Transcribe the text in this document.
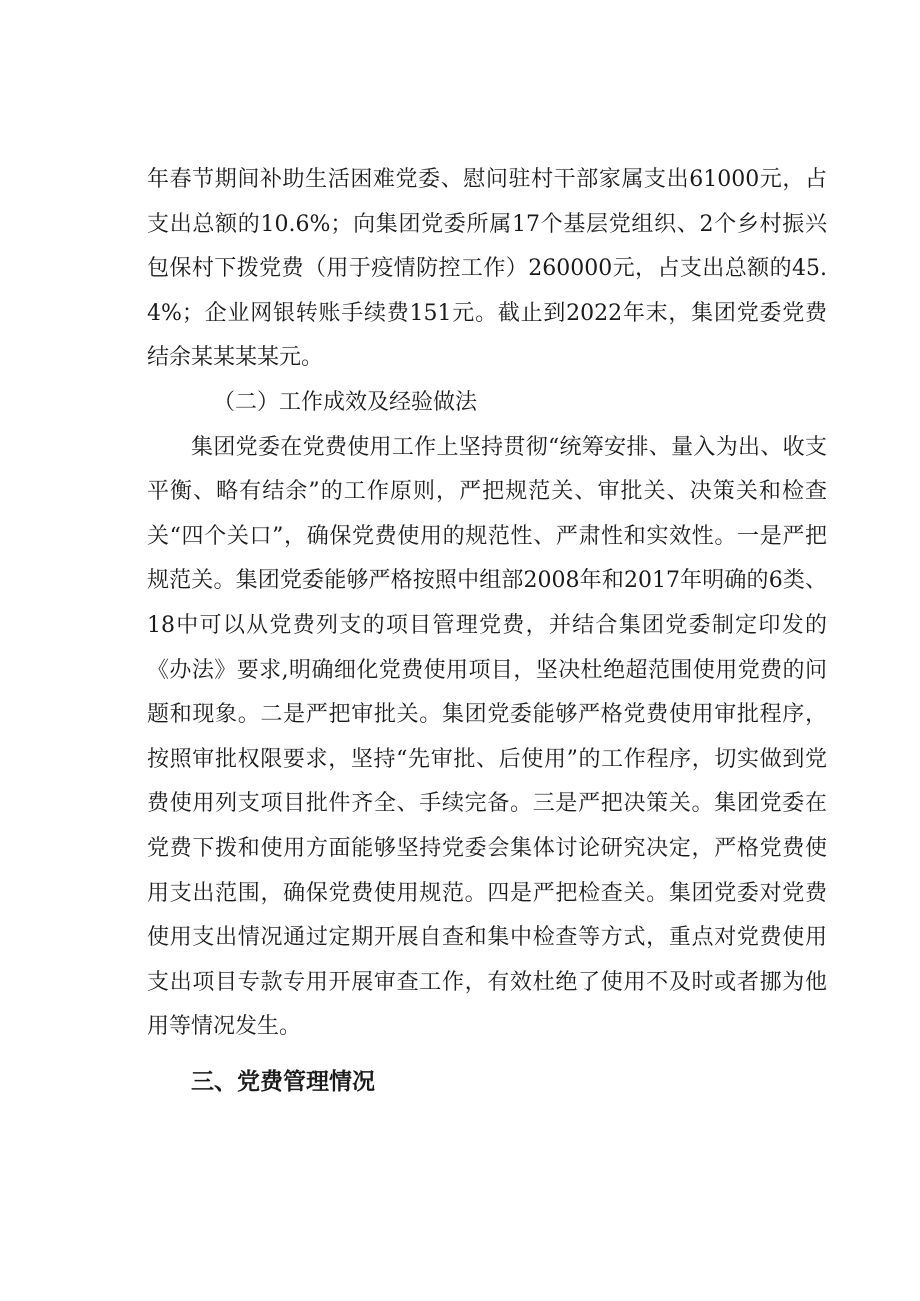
年春节期间补助生活困难党委、慰问驻村干部家属支出61000元，占支出总额的10.6%；向集团党委所属17个基层党组织、2个乡村振兴包保村下拨党费（用于疫情防控工作）260000元，占支出总额的45.4%；企业网银转账手续费151元。截止到2022年末，集团党委党费结余某某某某元。

（二）工作成效及经验做法

集团党委在党费使用工作上坚持贯彻“统筹安排、量入为出、收支平衡、略有结余”的工作原则，严把规范关、审批关、决策关和检查关“四个关口”，确保党费使用的规范性、严肃性和实效性。一是严把规范关。集团党委能够严格按照中组部2008年和2017年明确的6类、18中可以从党费列支的项目管理党费，并结合集团党委制定印发的《办法》要求,明确细化党费使用项目，坚决杜绝超范围使用党费的问题和现象。二是严把审批关。集团党委能够严格党费使用审批程序，按照审批权限要求，坚持“先审批、后使用”的工作程序，切实做到党费使用列支项目批件齐全、手续完备。三是严把决策关。集团党委在党费下拨和使用方面能够坚持党委会集体讨论研究决定，严格党费使用支出范围，确保党费使用规范。四是严把检查关。集团党委对党费使用支出情况通过定期开展自查和集中检查等方式，重点对党费使用支出项目专款专用开展审查工作，有效杜绝了使用不及时或者挪为他用等情况发生。

三、党费管理情况
